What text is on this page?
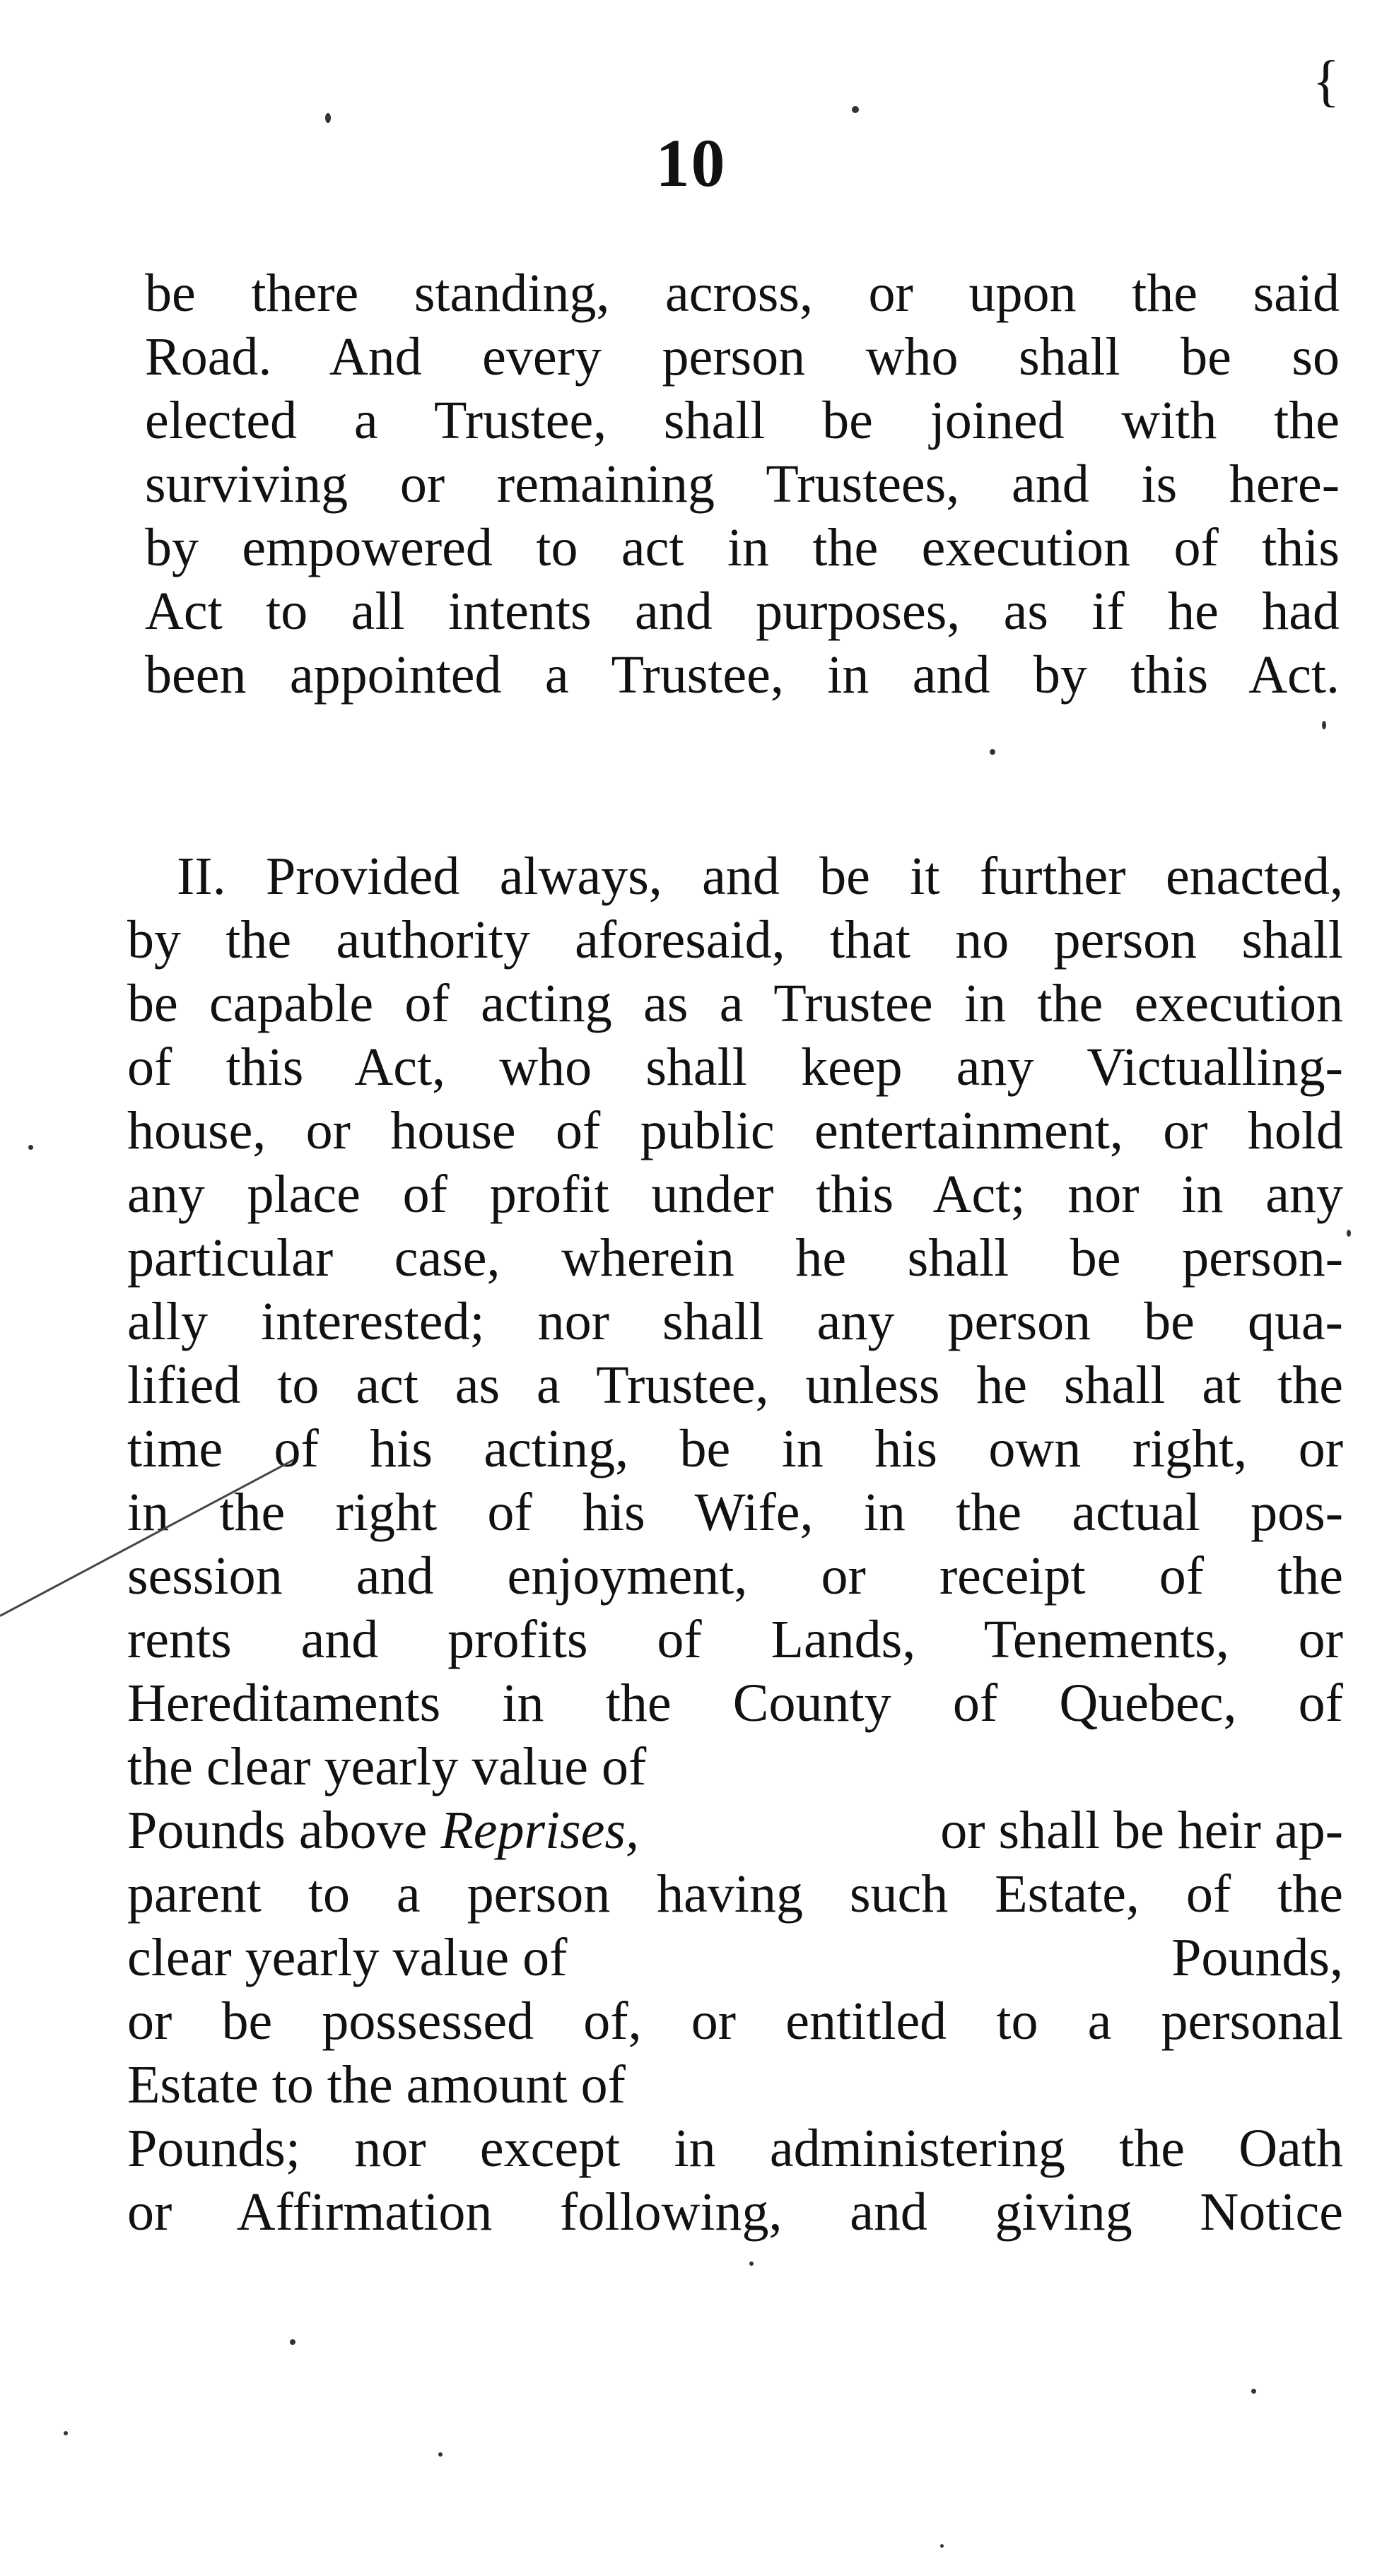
{
10
be there standing, across, or upon the said
Road. And every person who shall be so
elected a Trustee, shall be joined with the
surviving or remaining Trustees, and is here-
by empowered to act in the execution of this
Act to all intents and purposes, as if he had
been appointed a Trustee, in and by this Act.
II. Provided always, and be it further enacted,
by the authority aforesaid, that no person shall
be capable of acting as a Trustee in the execution
of this Act, who shall keep any Victualling-
house, or house of public entertainment, or hold
any place of profit under this Act; nor in any
particular case, wherein he shall be person-
ally interested; nor shall any person be qua-
lified to act as a Trustee, unless he shall at the
time of his acting, be in his own right, or
in the right of his Wife, in the actual pos-
session and enjoyment, or receipt of the
rents and profits of Lands, Tenements, or
Hereditaments in the County of Quebec, of
the clear yearly value of
Pounds above Reprises,	or shall be heir ap-
parent to a person having such Estate, of the
clear yearly value of	Pounds,
or be possessed of, or entitled to a personal
Estate to the amount of
Pounds; nor except in administering the Oath
or Affirmation following, and giving Notice
